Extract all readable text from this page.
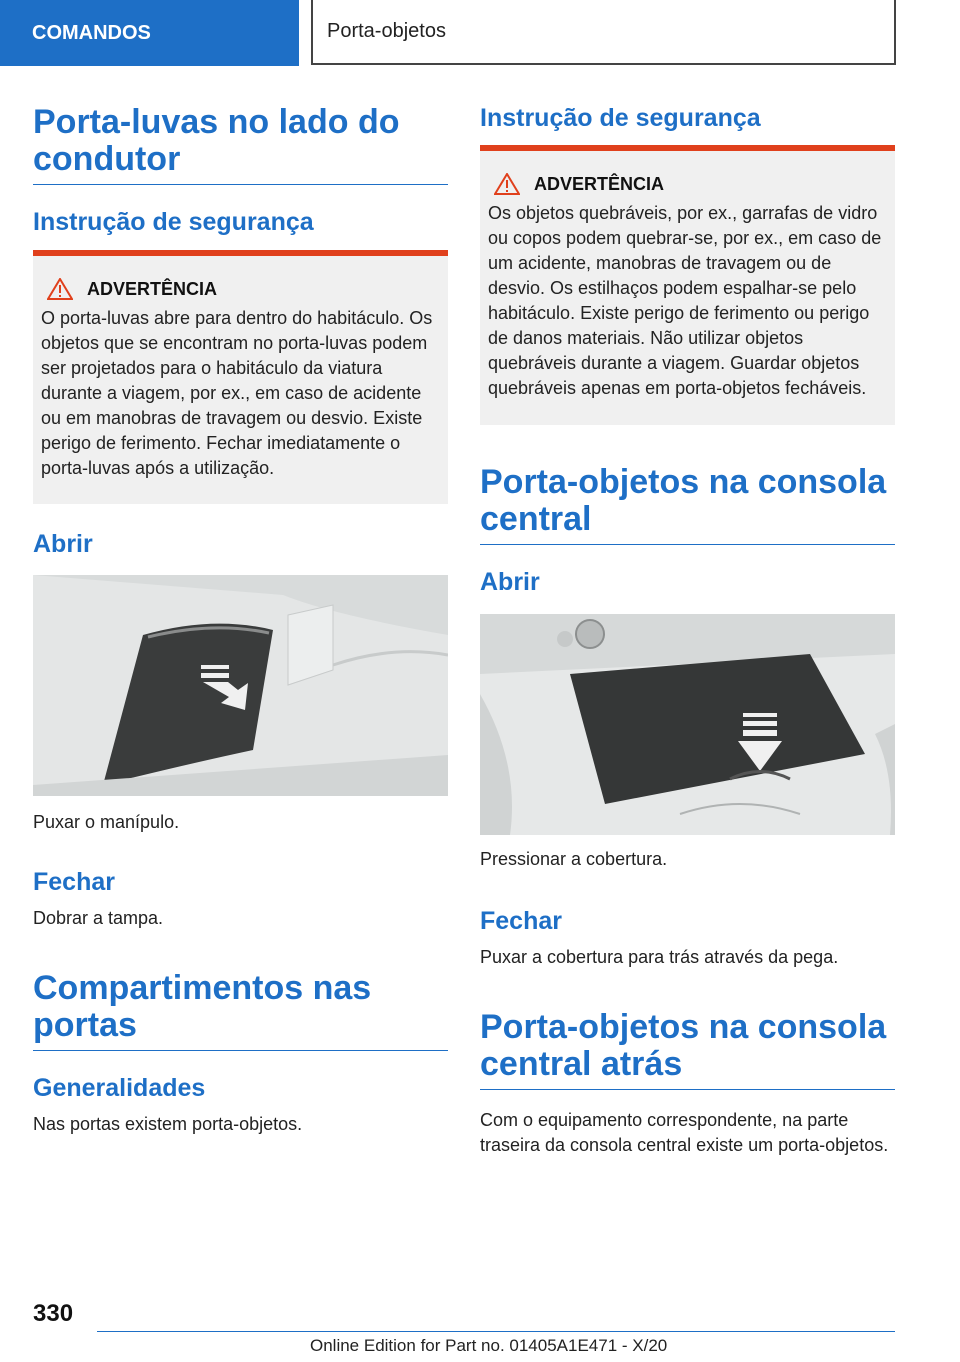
COMANDOS	Porta-objetos
Porta-luvas no lado do condutor
Instrução de segurança
ADVERTÊNCIA
O porta-luvas abre para dentro do habitáculo. Os objetos que se encontram no porta-luvas podem ser projetados para o habitáculo da viatura durante a viagem, por ex., em caso de acidente ou em manobras de travagem ou desvio. Existe perigo de ferimento. Fechar imediatamente o porta-luvas após a utilização.
Abrir

Puxar o manípulo.

Fechar

Dobrar a tampa.

Compartimentos nas portas
Generalidades

Nas portas existem porta-objetos.

Instrução de segurança
ADVERTÊNCIA
Os objetos quebráveis, por ex., garrafas de vidro ou copos podem quebrar-se, por ex., em caso de um acidente, manobras de travagem ou de desvio. Os estilhaços podem espalhar-se pelo habitáculo. Existe perigo de ferimento ou perigo de danos materiais. Não utilizar objetos quebráveis durante a viagem. Guardar objetos quebráveis apenas em porta-objetos fecháveis.
Porta-objetos na consola central
Abrir

Pressionar a cobertura.

Fechar

Puxar a cobertura para trás através da pega.

Porta-objetos na consola central atrás

Com o equipamento correspondente, na parte traseira da consola central existe um porta-objetos.

330
Online Edition for Part no. 01405A1E471 - X/20
